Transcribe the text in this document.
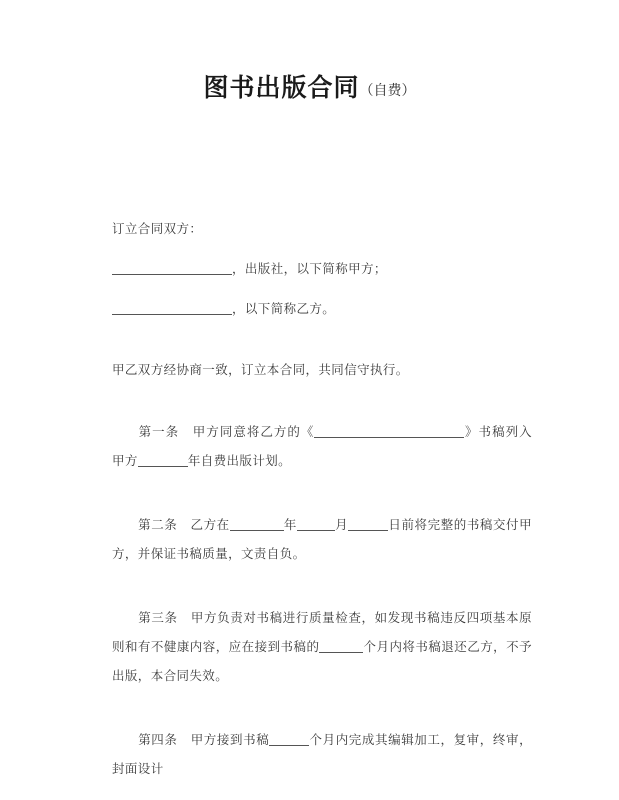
图书出版合同（自费）

订立合同双方：

，出版社，以下简称甲方；

，以下简称乙方。

甲乙双方经协商一致，订立本合同，共同信守执行。

第一条 甲方同意将乙方的《	》书稿列入甲方	年自费出版计划。

第二条 乙方在	年	月	日前将完整的书稿交付甲方，并保证书稿质量，文责自负。

第三条 甲方负责对书稿进行质量检查，如发现书稿违反四项基本原则和有不健康内容，应在接到书稿的	个月内将书稿退还乙方，不予出版，本合同失效。

第四条 甲方接到书稿	个月内完成其编辑加工，复审，终审，封面设计
